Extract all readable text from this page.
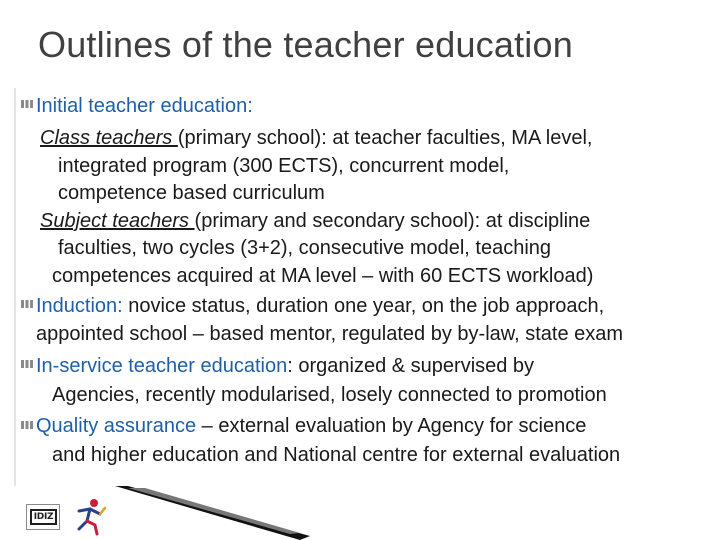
Outlines of the teacher education
Initial teacher education:
Class teachers (primary school): at teacher faculties, MA level,
integrated program (300 ECTS), concurrent model,
competence based curriculum
Subject teachers (primary and secondary school): at discipline
faculties, two cycles (3+2), consecutive model, teaching
competences acquired at MA level – with 60 ECTS workload)
Induction: novice status, duration one year, on the job approach,
appointed school – based mentor, regulated by by-law, state exam
In-service teacher education: organized & supervised by
Agencies, recently modularised, losely connected to promotion
Quality assurance – external evaluation by Agency for science
and higher education and National centre for external evaluation
IDIZ
